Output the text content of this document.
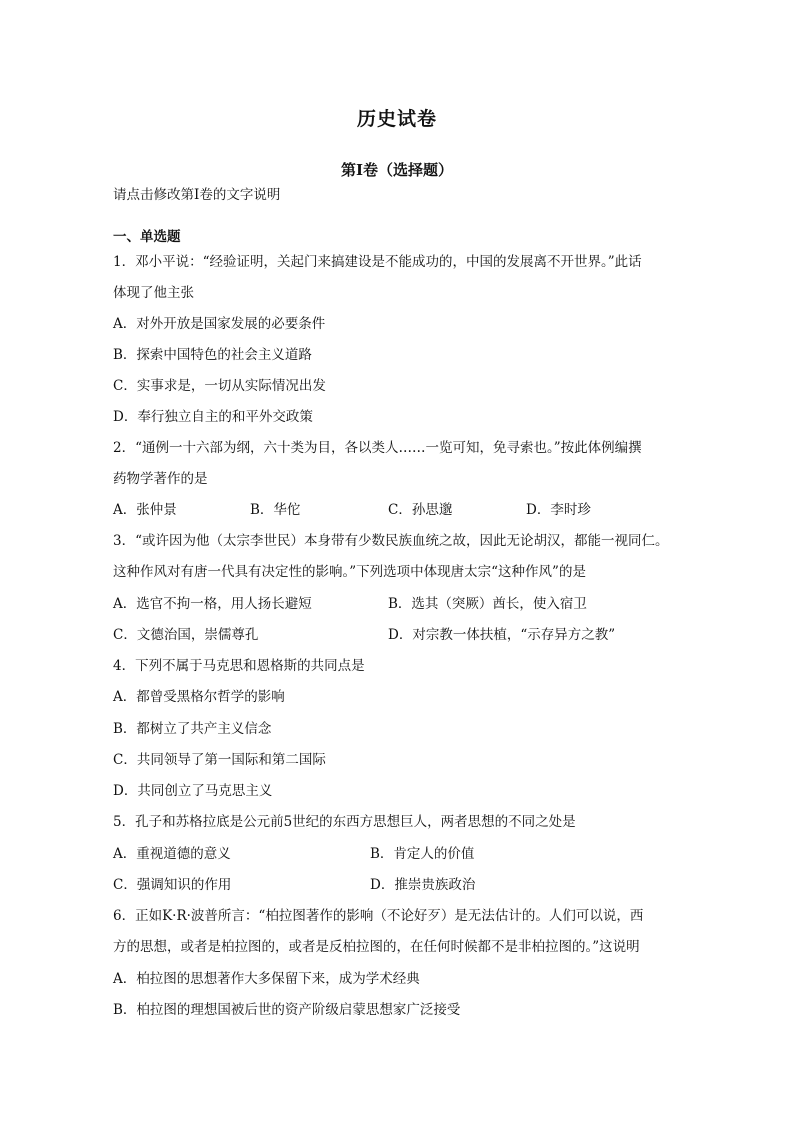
历史试卷
第I卷（选择题）
请点击修改第I卷的文字说明
一、单选题
1．邓小平说：“经验证明，关起门来搞建设是不能成功的，中国的发展离不开世界。”此话
体现了他主张
A．对外开放是国家发展的必要条件
B．探索中国特色的社会主义道路
C．实事求是，一切从实际情况出发
D．奉行独立自主的和平外交政策
2．“通例一十六部为纲，六十类为目，各以类人……一览可知，免寻索也。”按此体例编撰
药物学著作的是
A．张仲景	B．华佗	C．孙思邈	D．李时珍
3．“或许因为他（太宗李世民）本身带有少数民族血统之故，因此无论胡汉，都能一视同仁。
这种作风对有唐一代具有决定性的影响。”下列选项中体现唐太宗“这种作风”的是
A．选官不拘一格，用人扬长避短	B．选其（突厥）酋长，使入宿卫
C．文德治国，崇儒尊孔	D．对宗教一体扶植，“示存异方之教”
4．下列不属于马克思和恩格斯的共同点是
A．都曾受黑格尔哲学的影响
B．都树立了共产主义信念
C．共同领导了第一国际和第二国际
D．共同创立了马克思主义
5．孔子和苏格拉底是公元前5世纪的东西方思想巨人，两者思想的不同之处是
A．重视道德的意义	B．肯定人的价值
C．强调知识的作用	D．推崇贵族政治
6．正如K·R·波普所言：“柏拉图著作的影响（不论好歹）是无法估计的。人们可以说，西
方的思想，或者是柏拉图的，或者是反柏拉图的，在任何时候都不是非柏拉图的。”这说明
A．柏拉图的思想著作大多保留下来，成为学术经典
B．柏拉图的理想国被后世的资产阶级启蒙思想家广泛接受
